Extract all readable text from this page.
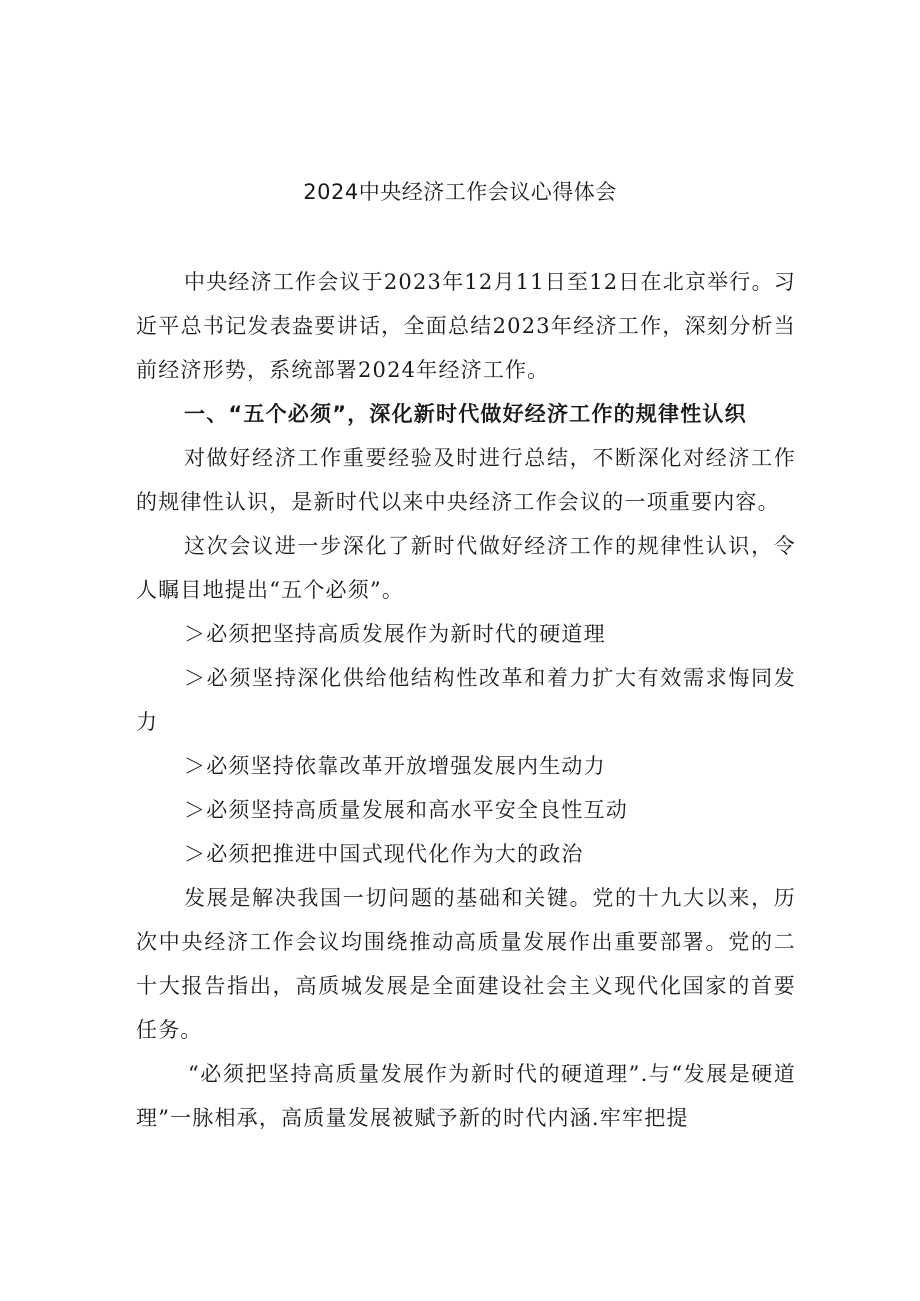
2024中央经济工作会议心得体会

中央经济工作会议于2023年12月11日至12日在北京举行。习近平总书记发表盎要讲话，全面总结2023年经济工作，深刻分析当前经济形势，系统部署2024年经济工作。

一、“五个必须”，深化新时代做好经济工作的规律性认织

对做好经济工作重要经验及时进行总结，不断深化对经济工作的规律性认识，是新时代以来中央经济工作会议的一项重要内容。

这次会议进一步深化了新时代做好经济工作的规律性认识，令人瞩目地提出“五个必须”。

＞必须把坚持高质发展作为新时代的硬道理

＞必须坚持深化供给他结构性改革和着力扩大有效需求悔同发力

＞必须坚持依靠改革开放增强发展内生动力

＞必须坚持高质量发展和高水平安全良性互动

＞必须把推进中国式现代化作为大的政治

发展是解决我国一切问题的基础和关键。党的十九大以来，历次中央经济工作会议均围绕推动高质量发展作出重要部署。党的二十大报告指出，高质城发展是全面建设社会主义现代化国家的首要任务。

“必须把坚持高质量发展作为新时代的硬道理”.与“发展是硬道理”一脉相承，高质量发展被赋予新的时代内涵.牢牢把提
